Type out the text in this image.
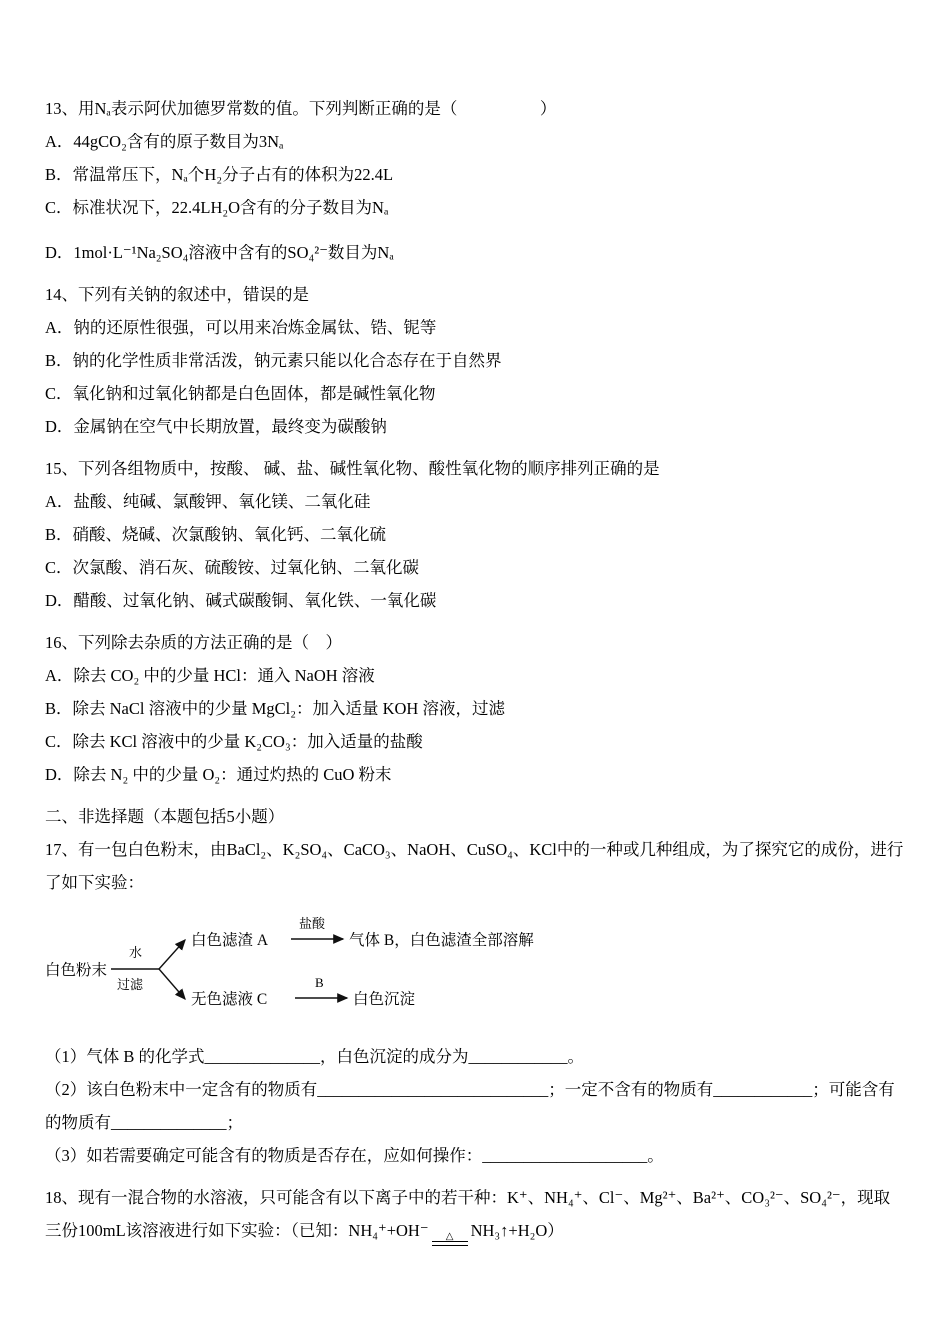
13、用Nₐ表示阿伏加德罗常数的值。下列判断正确的是（　　　　　）

A．44gCO₂含有的原子数目为3Nₐ

B．常温常压下，Nₐ个H₂分子占有的体积为22.4L

C．标准状况下，22.4LH₂O含有的分子数目为Nₐ

D．1mol·L⁻¹Na₂SO₄溶液中含有的SO₄²⁻数目为Nₐ

14、下列有关钠的叙述中，错误的是

A．钠的还原性很强，可以用来冶炼金属钛、锆、铌等

B．钠的化学性质非常活泼，钠元素只能以化合态存在于自然界

C．氧化钠和过氧化钠都是白色固体，都是碱性氧化物

D．金属钠在空气中长期放置，最终变为碳酸钠

15、下列各组物质中，按酸、 碱、盐、碱性氧化物、酸性氧化物的顺序排列正确的是

A．盐酸、纯碱、氯酸钾、氧化镁、二氧化硅

B．硝酸、烧碱、次氯酸钠、氧化钙、二氧化硫

C．次氯酸、消石灰、硫酸铵、过氧化钠、二氧化碳

D．醋酸、过氧化钠、碱式碳酸铜、氧化铁、一氧化碳

16、下列除去杂质的方法正确的是（　）

A．除去 CO₂ 中的少量 HCl：通入 NaOH 溶液

B．除去 NaCl 溶液中的少量 MgCl₂：加入适量 KOH 溶液，过滤

C．除去 KCl 溶液中的少量 K₂CO₃：加入适量的盐酸

D．除去 N₂ 中的少量 O₂：通过灼热的 CuO 粉末

二、非选择题（本题包括5小题）

17、有一包白色粉末，由BaCl₂、K₂SO₄、CaCO₃、NaOH、CuSO₄、KCl中的一种或几种组成，为了探究它的成份，进行了如下实验：

白色粉末
水
过滤
白色滤渣 A
盐酸
气体 B，白色滤渣全部溶解
无色滤液 C
B
白色沉淀

（1）气体 B 的化学式______________，白色沉淀的成分为____________。

（2）该白色粉末中一定含有的物质有____________________________；一定不含有的物质有____________；可能含有的物质有______________；

（3）如若需要确定可能含有的物质是否存在，应如何操作：____________________。

18、现有一混合物的水溶液，只可能含有以下离子中的若干种：K⁺、NH₄⁺、Cl⁻、Mg²⁺、Ba²⁺、CO₃²⁻、SO₄²⁻，现取三份100mL该溶液进行如下实验：（已知：NH₄⁺+OH⁻ △ NH₃↑+H₂O）
